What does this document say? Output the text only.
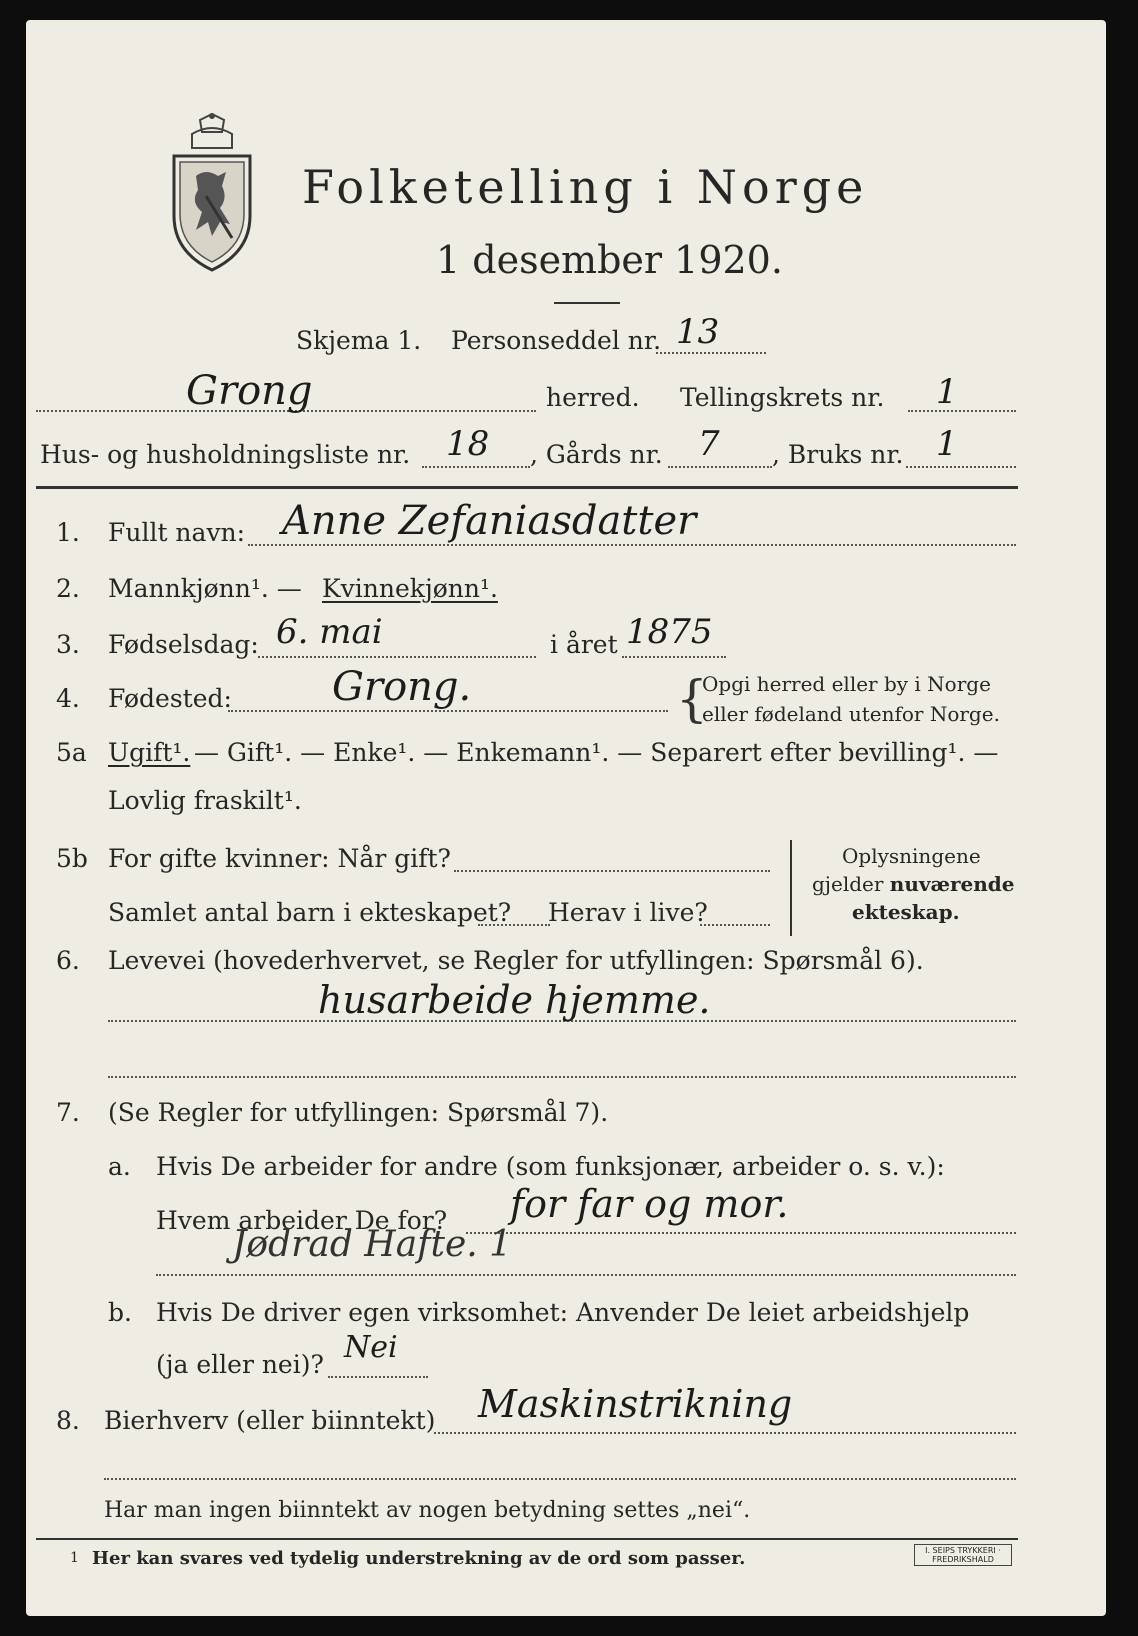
Folketelling i Norge
1 desember 1920.
Skjema 1. Personseddel nr. 13
Grong	herred. Tellingskrets nr. 1
Hus- og husholdningsliste nr. 18 , Gårds nr. 7 , Bruks nr. 1
1. Fullt navn: Anne Zefaniasdatter
2. Mannkjønn¹. — Kvinnekjønn¹.
3. Fødselsdag: 6. mai	i året 1875
4. Fødested:	Grong.	{
Opgi herred eller by i Norge
eller fødeland utenfor Norge.
5a Ugift¹. — Gift¹. — Enke¹. — Enkemann¹. — Separert efter bevilling¹. —
Lovlig fraskilt¹.
5b For gifte kvinner: Når gift?
Samlet antal barn i ekteskapet? Herav i live?
Oplysningene
gjelder nuværende
ekteskap.
6. Levevei (hovederhvervet, se Regler for utfyllingen: Spørsmål 6).
husarbeide hjemme.
7. (Se Regler for utfyllingen: Spørsmål 7).
a. Hvis De arbeider for andre (som funksjonær, arbeider o. s. v.):
Hvem arbeider De for? for far og mor.
Jødrad Hafte. 1
b. Hvis De driver egen virksomhet: Anvender De leiet arbeidshjelp
(ja eller nei)? Nei
8. Bierhverv (eller biinntekt) Maskinstrikning
Har man ingen biinntekt av nogen betydning settes „nei“.
1 Her kan svares ved tydelig understrekning av de ord som passer.	I. SEIPS TRYKKERI · FREDRIKSHALD
